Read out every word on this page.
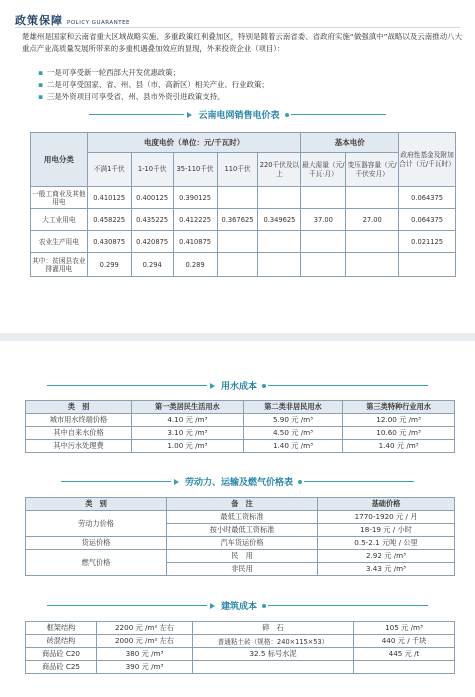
政策保障 POLICY GUARANTEE
楚雄州是国家和云南省重大区域战略实施、多重政策红利叠加区，特别是随着云南省委、省政府实施“做强滇中”战略以及云南推动八大重点产业高质量发展所带来的多重机遇叠加效应的显现，外来投资企业（项目）：
▪ 一是可享受新一轮西部大开发优惠政策；
▪ 二是可享受国家、省、州、县（市、高新区）相关产业、行业政策；
▪ 三是外资项目可享受省、州、县市外资引进政策支持。
云南电网销售电价表
用电分类	电度电价（单位：元/千瓦时）					基本电价		政府性基金及附加合计（元/千瓦时）
	不满1千伏	1-10千伏	35-110千伏	110千伏	220千伏及以上	最大需量（元/千瓦·月）	变压器容量（元/千伏安月）	
一般工商业及其他用电	0.410125	0.400125	0.390125					0.064375
大工业用电	0.458225	0.435225	0.412225	0.367625	0.349625	37.00	27.00	0.064375
农业生产用电	0.430875	0.420875	0.410875					0.021125
其中：贫困县农业排灌用电	0.299	0.294	0.289					
用水成本
类　别	第一类居民生活用水	第二类非居民用水	第三类特种行业用水
城市用水终端价格	4.10 元 /m³	5.90 元 /m³	12.00 元 /m³
其中自来水价格	3.10 元 /m³	4.50 元 /m³	10.60 元 /m³
其中污水处理费	1.00 元 /m³	1.40 元 /m³	1.40 元 /m³
劳动力、运输及燃气价格表
类　别	备　注	基础价格
劳动力价格	最低工资标准	1770-1920 元 / 月
	按小时最低工资标准	18-19 元 / 小时
货运价格	汽车货运价格	0.5-2.1 元吨 / 公里
燃气价格	民　用	2.92 元 /m³
	非民用	3.43 元 /m³
建筑成本
框架结构	2200 元 /m² 左右	碎　石	105 元 /m³
砖混结构	2000 元 /m² 左右	普通粘土砖（规格：240×115×53）	440 元 / 千块
商品砼 C20	380 元 /m³	32.5 标号水泥	445 元 /t
商品砼 C25	390 元 /m³		
